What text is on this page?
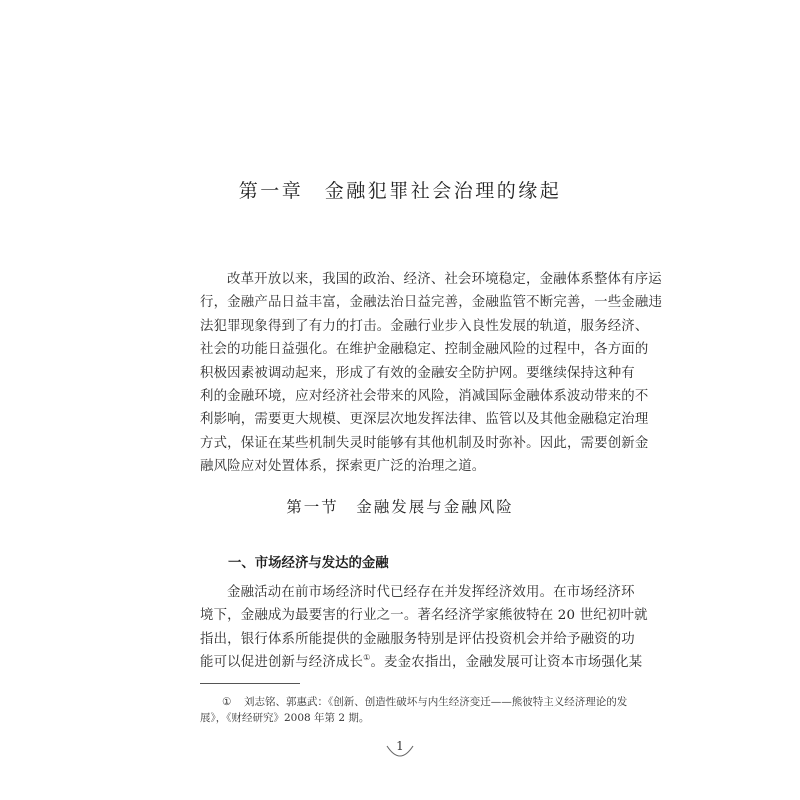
第一章　金融犯罪社会治理的缘起
改革开放以来，我国的政治、经济、社会环境稳定，金融体系整体有序运
行，金融产品日益丰富，金融法治日益完善，金融监管不断完善，一些金融违
法犯罪现象得到了有力的打击。金融行业步入良性发展的轨道，服务经济、
社会的功能日益强化。在维护金融稳定、控制金融风险的过程中，各方面的
积极因素被调动起来，形成了有效的金融安全防护网。要继续保持这种有
利的金融环境，应对经济社会带来的风险，消减国际金融体系波动带来的不
利影响，需要更大规模、更深层次地发挥法律、监管以及其他金融稳定治理
方式，保证在某些机制失灵时能够有其他机制及时弥补。因此，需要创新金
融风险应对处置体系，探索更广泛的治理之道。
第一节　金融发展与金融风险
一、市场经济与发达的金融
金融活动在前市场经济时代已经存在并发挥经济效用。在市场经济环
境下，金融成为最要害的行业之一。著名经济学家熊彼特在 20 世纪初叶就
指出，银行体系所能提供的金融服务特别是评估投资机会并给予融资的功
能可以促进创新与经济成长①。麦金农指出，金融发展可让资本市场强化某
① 刘志铭、郭惠武：《创新、创造性破坏与内生经济变迁——熊彼特主义经济理论的发
展》，《财经研究》2008 年第 2 期。
1
